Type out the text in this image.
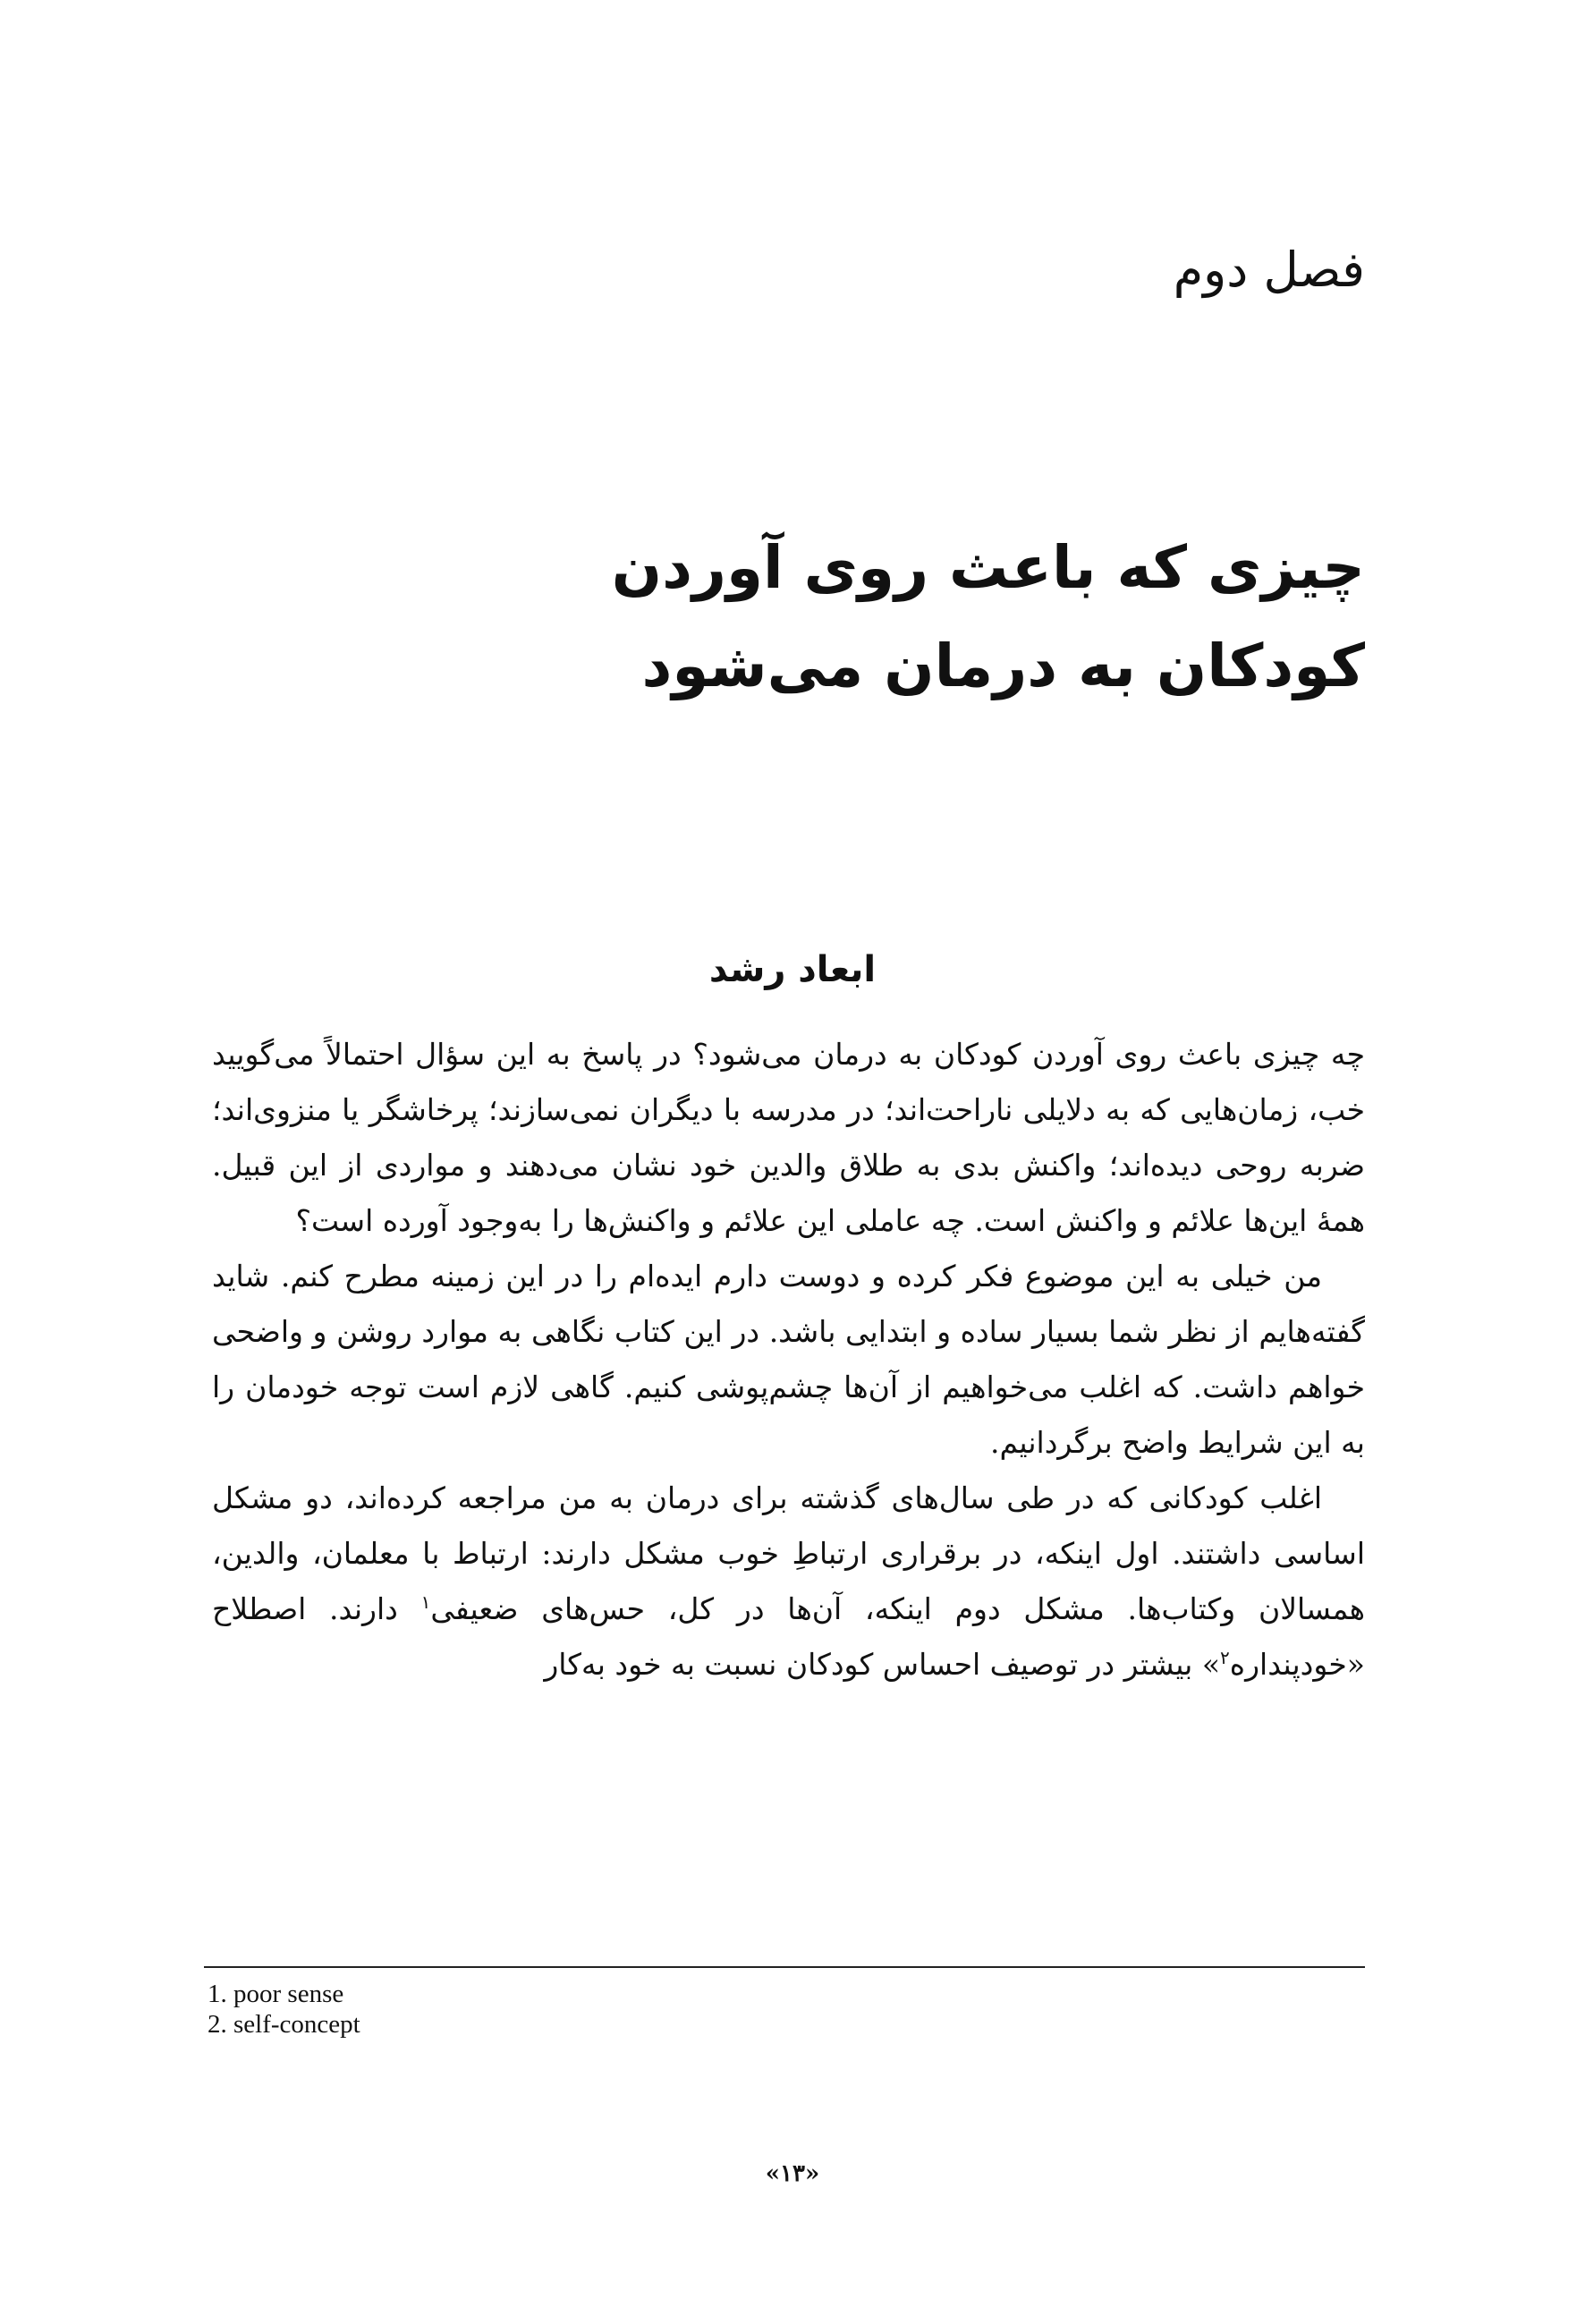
فصل دوم
چیزی که باعث روی آوردن
کودکان به درمان می‌شود
ابعاد رشد

چه چیزی باعث روی آوردن کودکان به درمان می‌شود؟ در پاسخ به این سؤال احتمالاً می‌گویید خب، زمان‌هایی که به دلایلی ناراحت‌اند؛ در مدرسه با دیگران نمی‌سازند؛ پرخاشگر یا منزوی‌اند؛ ضربه روحی دیده‌اند؛ واکنش بدی به طلاق والدین خود نشان می‌دهند و مواردی از این قبیل. همهٔ این‌ها علائم و واکنش است. چه عاملی این علائم و واکنش‌ها را به‌وجود آورده است؟

من خیلی به این موضوع فکر کرده و دوست دارم ایده‌ام را در این زمینه مطرح کنم. شاید گفته‌هایم از نظر شما بسیار ساده و ابتدایی باشد. در این کتاب نگاهی به موارد روشن و واضحی خواهم داشت. که اغلب می‌خواهیم از آن‌ها چشم‌پوشی کنیم. گاهی لازم است توجه خودمان را به این شرایط واضح برگردانیم.

اغلب کودکانی که در طی سال‌های گذشته برای درمان به من مراجعه کرده‌اند، دو مشکل اساسی داشتند. اول اینکه، در برقراری ارتباطِ خوب مشکل دارند: ارتباط با معلمان، والدین، همسالان وکتاب‌ها. مشکل دوم اینکه، آن‌ها در کل، حس‌های ضعیفی$^۱$ دارند. اصطلاح «خودپنداره$^۲$» بیشتر در توصیف احساس کودکان نسبت به خود به‌کار

1. poor sense
2. self-concept
«۱۳»
